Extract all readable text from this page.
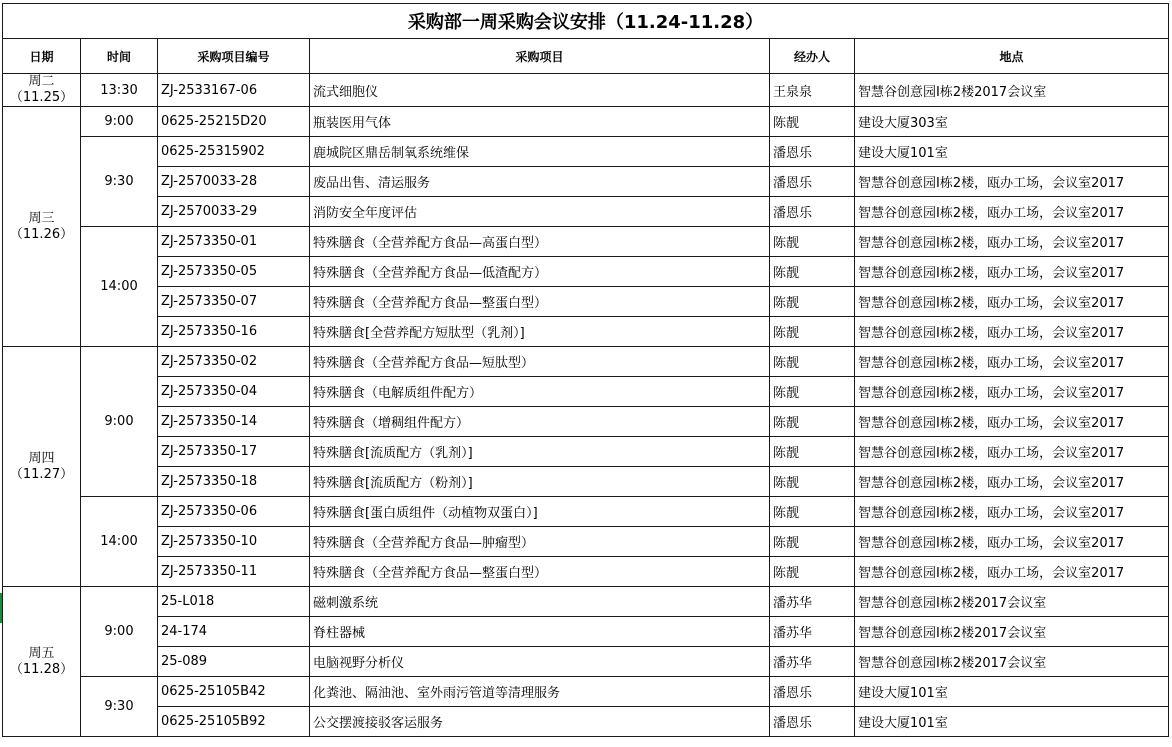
采购部一周采购会议安排（11.24-11.28）					
日期	时间	采购项目编号	采购项目	经办人	地点

周二
（11.25）	13:30	ZJ-2533167-06	流式细胞仪	王泉泉	智慧谷创意园I栋2楼2017会议室

周三
（11.26）	9:00	0625-25215D20	瓶装医用气体	陈靓	建设大厦303室
	9:30	0625-25315902	鹿城院区鼎岳制氧系统维保	潘恩乐	建设大厦101室
		ZJ-2570033-28	废品出售、清运服务	潘恩乐	智慧谷创意园I栋2楼，瓯办工场，会议室2017
		ZJ-2570033-29	消防安全年度评估	潘恩乐	智慧谷创意园I栋2楼，瓯办工场，会议室2017
	14:00	ZJ-2573350-01	特殊膳食（全营养配方食品—高蛋白型）	陈靓	智慧谷创意园I栋2楼，瓯办工场，会议室2017
		ZJ-2573350-05	特殊膳食（全营养配方食品—低渣配方）	陈靓	智慧谷创意园I栋2楼，瓯办工场，会议室2017
		ZJ-2573350-07	特殊膳食（全营养配方食品—整蛋白型）	陈靓	智慧谷创意园I栋2楼，瓯办工场，会议室2017
		ZJ-2573350-16	特殊膳食[全营养配方短肽型（乳剂）]	陈靓	智慧谷创意园I栋2楼，瓯办工场，会议室2017

周四
（11.27）	9:00	ZJ-2573350-02	特殊膳食（全营养配方食品—短肽型）	陈靓	智慧谷创意园I栋2楼，瓯办工场，会议室2017
		ZJ-2573350-04	特殊膳食（电解质组件配方）	陈靓	智慧谷创意园I栋2楼，瓯办工场，会议室2017
		ZJ-2573350-14	特殊膳食（增稠组件配方）	陈靓	智慧谷创意园I栋2楼，瓯办工场，会议室2017
		ZJ-2573350-17	特殊膳食[流质配方（乳剂）]	陈靓	智慧谷创意园I栋2楼，瓯办工场，会议室2017
		ZJ-2573350-18	特殊膳食[流质配方（粉剂）]	陈靓	智慧谷创意园I栋2楼，瓯办工场，会议室2017
	14:00	ZJ-2573350-06	特殊膳食[蛋白质组件（动植物双蛋白）]	陈靓	智慧谷创意园I栋2楼，瓯办工场，会议室2017
		ZJ-2573350-10	特殊膳食（全营养配方食品—肿瘤型）	陈靓	智慧谷创意园I栋2楼，瓯办工场，会议室2017
		ZJ-2573350-11	特殊膳食（全营养配方食品—整蛋白型）	陈靓	智慧谷创意园I栋2楼，瓯办工场，会议室2017

周五
（11.28）	9:00	25-L018	磁刺激系统	潘苏华	智慧谷创意园I栋2楼2017会议室
		24-174	脊柱器械	潘苏华	智慧谷创意园I栋2楼2017会议室
		25-089	电脑视野分析仪	潘苏华	智慧谷创意园I栋2楼2017会议室
	9:30	0625-25105B42	化粪池、隔油池、室外雨污管道等清理服务	潘恩乐	建设大厦101室
		0625-25105B92	公交摆渡接驳客运服务	潘恩乐	建设大厦101室
